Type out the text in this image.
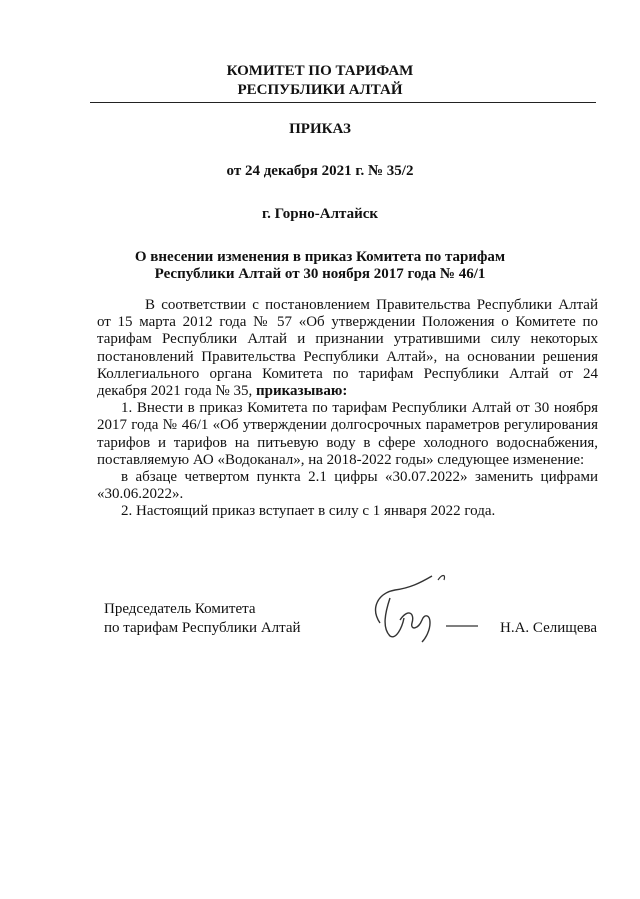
КОМИТЕТ ПО ТАРИФАМ
РЕСПУБЛИКИ АЛТАЙ
ПРИКАЗ
от 24 декабря 2021 г. № 35/2
г. Горно-Алтайск
О внесении изменения в приказ Комитета по тарифам
Республики Алтай от 30 ноября 2017 года № 46/1

В соответствии с постановлением Правительства Республики Алтай от 15 марта 2012 года № 57 «Об утверждении Положения о Комитете по тарифам Республики Алтай и признании утратившими силу некоторых постановлений Правительства Республики Алтай», на основании решения Коллегиального органа Комитета по тарифам Республики Алтай от 24 декабря 2021 года № 35, приказываю:

1. Внести в приказ Комитета по тарифам Республики Алтай от 30 ноября 2017 года № 46/1 «Об утверждении долгосрочных параметров регулирования тарифов и тарифов на питьевую воду в сфере холодного водоснабжения, поставляемую АО «Водоканал», на 2018-2022 годы» следующее изменение:

в абзаце четвертом пункта 2.1 цифры «30.07.2022» заменить цифрами «30.06.2022».

2. Настоящий приказ вступает в силу с 1 января 2022 года.

Председатель Комитета
по тарифам Республики Алтай	Н.А. Селищева
